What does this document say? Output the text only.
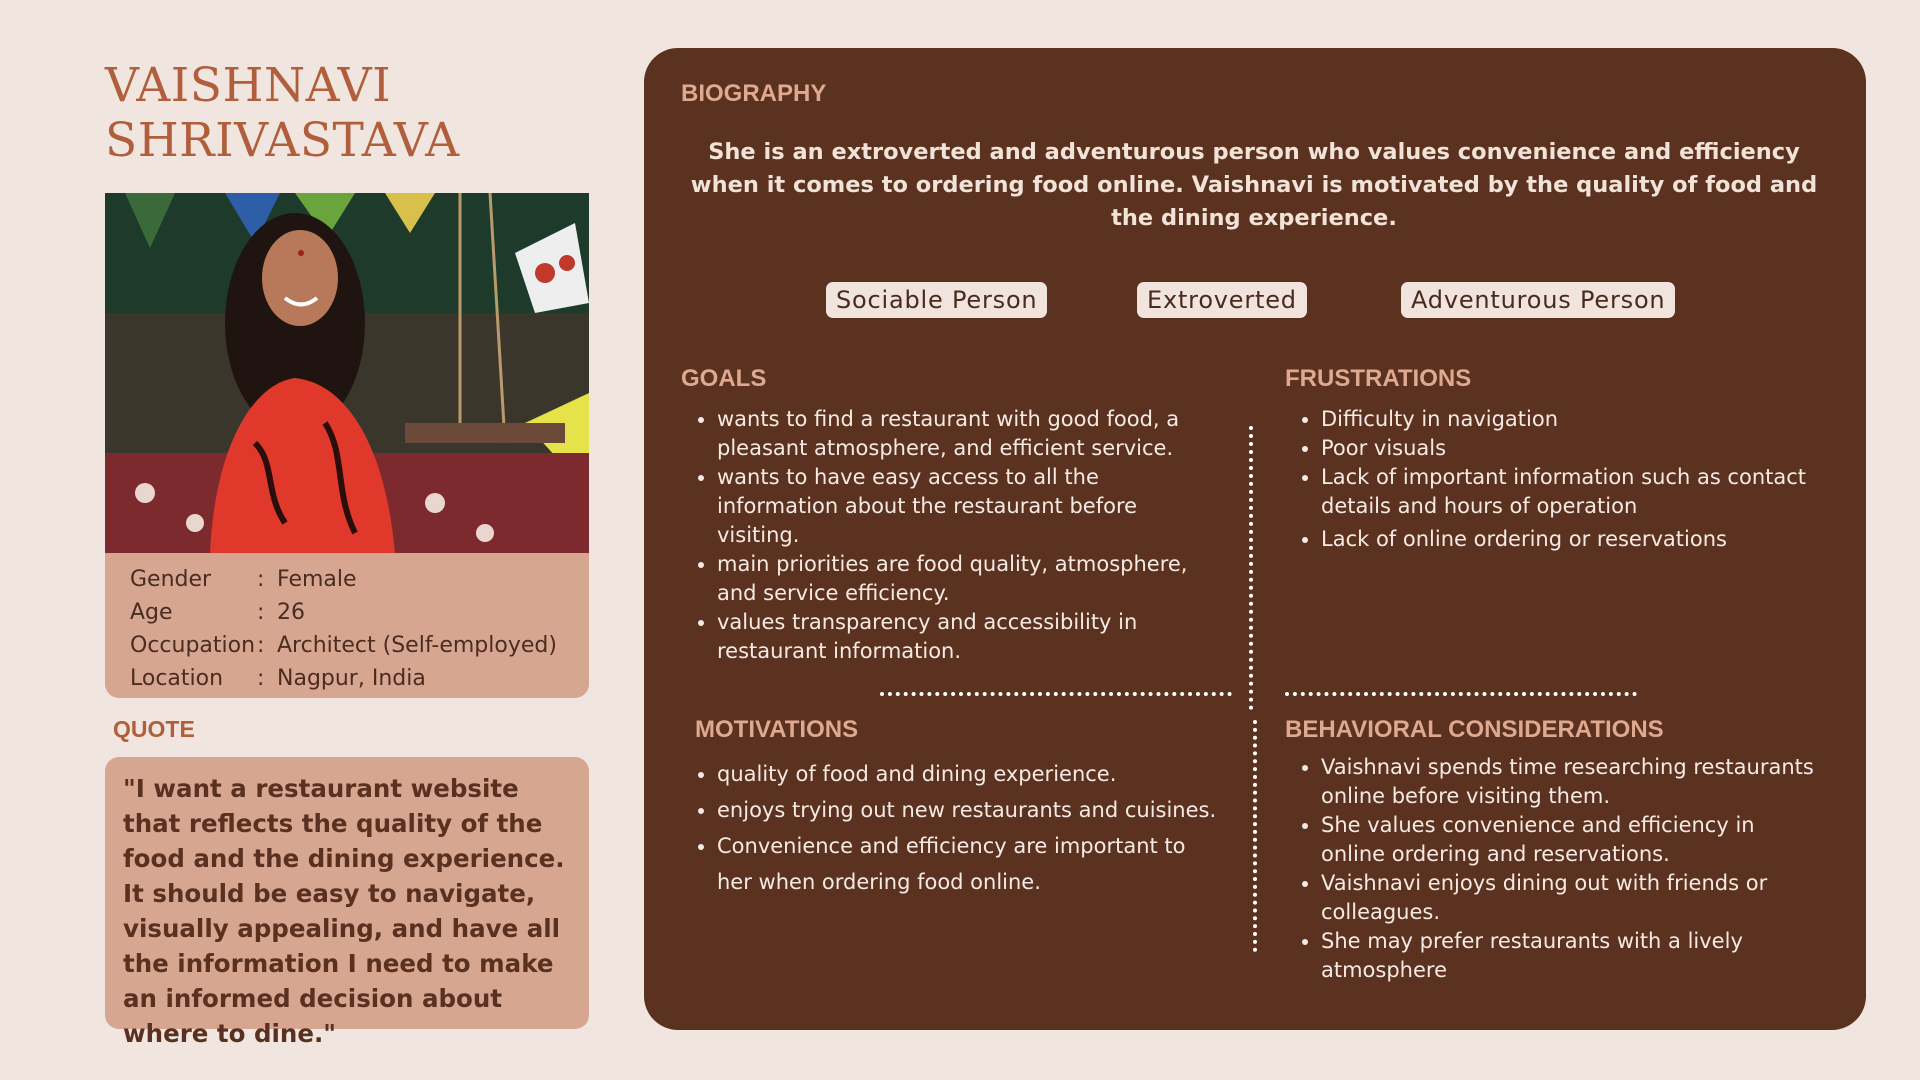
VAISHNAVI
SHRIVASTAVA
Gender	: Female
Age	: 26
Occupation : Architect (Self-employed)
Location	: Nagpur, India
QUOTE
"I want a restaurant website that reflects the quality of the food and the dining experience. It should be easy to navigate, visually appealing, and have all the information I need to make an informed decision about where to dine."
BIOGRAPHY
She is an extroverted and adventurous person who values convenience and efficiency when it comes to ordering food online. Vaishnavi is motivated by the quality of food and the dining experience.
Sociable Person	Extroverted	Adventurous Person
GOALS
• wants to find a restaurant with good food, a pleasant atmosphere, and efficient service.
• wants to have easy access to all the information about the restaurant before visiting.
• main priorities are food quality, atmosphere, and service efficiency.
• values transparency and accessibility in restaurant information.
FRUSTRATIONS
• Difficulty in navigation
• Poor visuals
• Lack of important information such as contact details and hours of operation
• Lack of online ordering or reservations
MOTIVATIONS
• quality of food and dining experience.
• enjoys trying out new restaurants and cuisines.
• Convenience and efficiency are important to her when ordering food online.
BEHAVIORAL CONSIDERATIONS
• Vaishnavi spends time researching restaurants online before visiting them.
• She values convenience and efficiency in online ordering and reservations.
• Vaishnavi enjoys dining out with friends or colleagues.
• She may prefer restaurants with a lively atmosphere
